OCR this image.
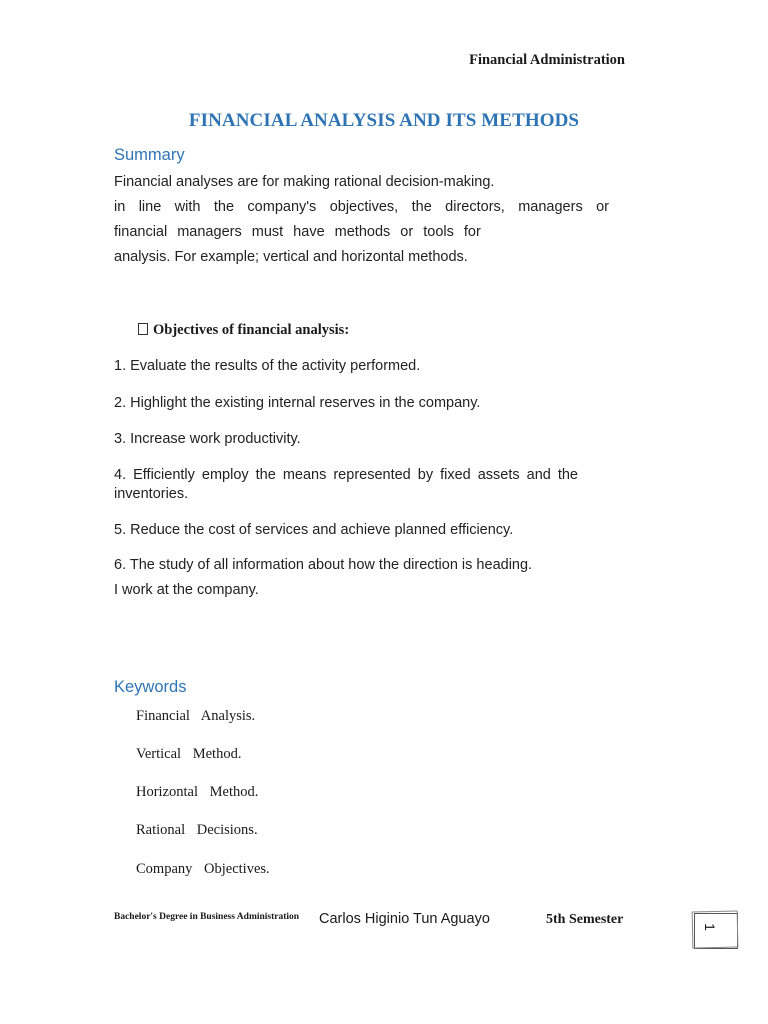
Financial Administration
FINANCIAL ANALYSIS AND ITS METHODS
Summary
Financial analyses are for making rational decision-making.
in line with the company's objectives, the directors, managers or
financial managers must have methods or tools for
analysis. For example; vertical and horizontal methods.
Objectives of financial analysis:
1. Evaluate the results of the activity performed.
2. Highlight the existing internal reserves in the company.
3. Increase work productivity.
4. Efficiently employ the means represented by fixed assets and the
inventories.
5. Reduce the cost of services and achieve planned efficiency.
6. The study of all information about how the direction is heading.
I work at the company.
Keywords
Financial Analysis.
Vertical Method.
Horizontal Method.
Rational Decisions.
Company Objectives.
Bachelor's Degree in Business Administration Carlos Higinio Tun Aguayo	5th Semester	1
